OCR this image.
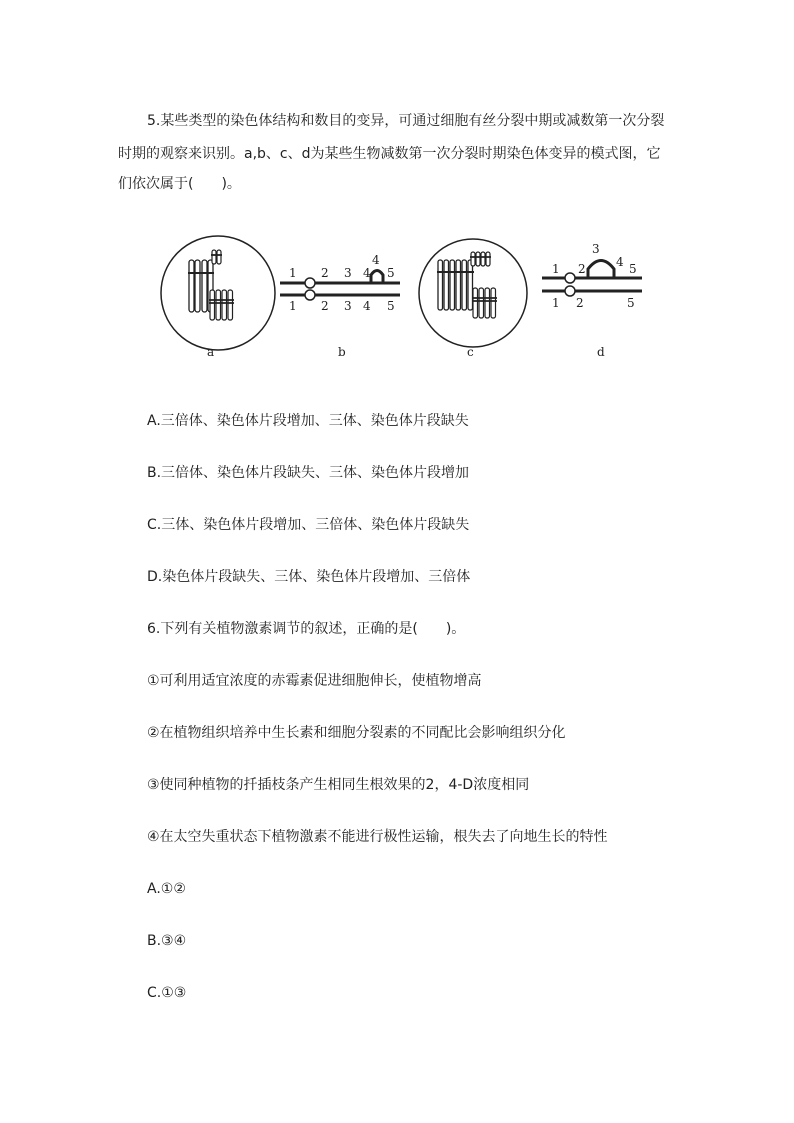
5.某些类型的染色体结构和数目的变异，可通过细胞有丝分裂中期或减数第一次分裂
时期的观察来识别。a,b、c、d为某些生物减数第一次分裂时期染色体变异的模式图，它
们依次属于(　　)。
1 2 3 4
4
5
1 2 3 4 5
1 2
3
4 5
1 2	5
a	b	c	d
A.三倍体、染色体片段增加、三体、染色体片段缺失
B.三倍体、染色体片段缺失、三体、染色体片段增加
C.三体、染色体片段增加、三倍体、染色体片段缺失
D.染色体片段缺失、三体、染色体片段增加、三倍体
6.下列有关植物激素调节的叙述，正确的是(　　)。
①可利用适宜浓度的赤霉素促进细胞伸长，使植物增高
②在植物组织培养中生长素和细胞分裂素的不同配比会影响组织分化
③使同种植物的扦插枝条产生相同生根效果的2，4-D浓度相同
④在太空失重状态下植物激素不能进行极性运输，根失去了向地生长的特性
A.①②
B.③④
C.①③
